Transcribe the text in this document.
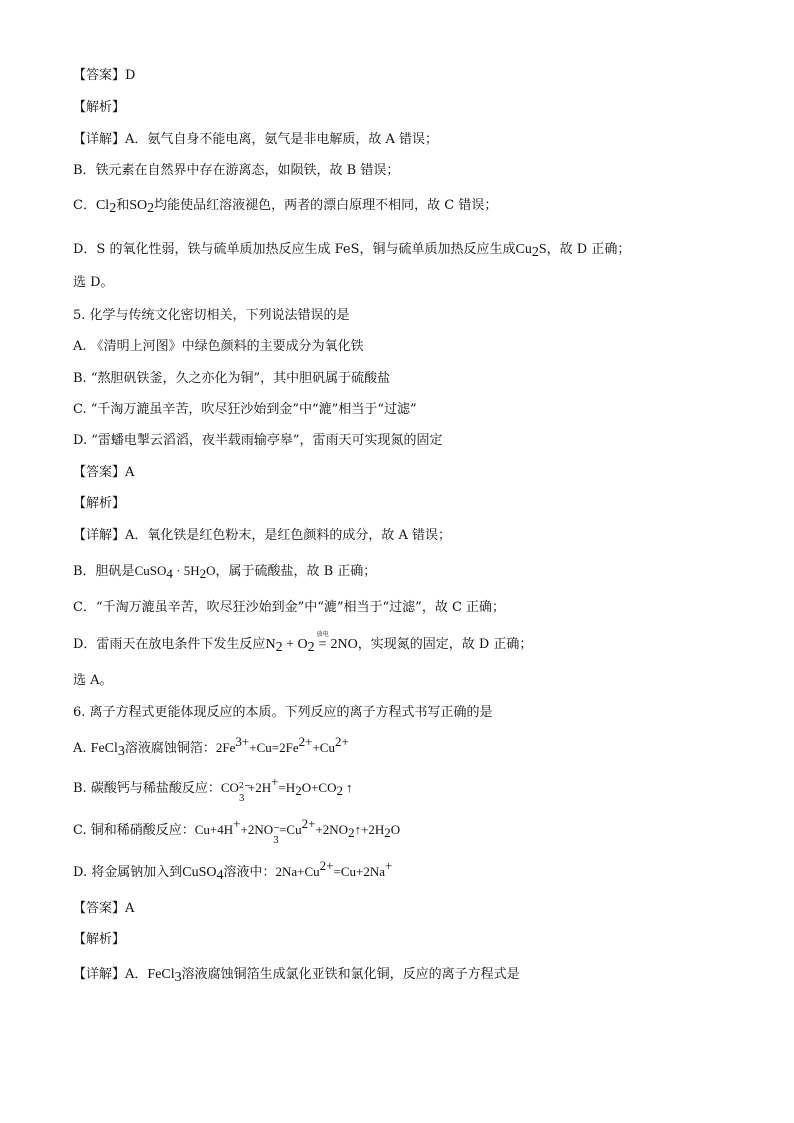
【答案】D
【解析】
【详解】A．氨气自身不能电离，氨气是非电解质，故 A 错误；
B．铁元素在自然界中存在游离态，如陨铁，故 B 错误；
C．$Cl_2$和$SO_2$均能使品红溶液褪色，两者的漂白原理不相同，故 C 错误；
D．S 的氧化性弱，铁与硫单质加热反应生成 FeS，铜与硫单质加热反应生成$Cu_2S$，故 D 正确；
选 D。
5. 化学与传统文化密切相关，下列说法错误的是
A. 《清明上河图》中绿色颜料的主要成分为氧化铁
B. “熬胆矾铁釜，久之亦化为铜”，其中胆矾属于硫酸盐
C. “千淘万漉虽辛苦，吹尽狂沙始到金”中“漉”相当于“过滤”
D. “雷蟠电掣云滔滔，夜半载雨输亭皋”，雷雨天可实现氮的固定
【答案】A
【解析】
【详解】A．氧化铁是红色粉末，是红色颜料的成分，故 A 错误；
B．胆矾是CuSO$_4$ · $5H_2O$，属于硫酸盐，故 B 正确；
C．“千淘万漉虽辛苦，吹尽狂沙始到金”中“漉”相当于“过滤”，故 C 正确；
D．雷雨天在放电条件下发生反应$N_2 + O_2$
放电
= 2NO，实现氮的固定，故 D 正确；
选 A。
6. 离子方程式更能体现反应的本质。下列反应的离子方程式书写正确的是
A. FeCl$_3$溶液腐蚀铜箔：$2Fe^{3+}+Cu=2Fe^{2+}+Cu^{2+}$
B. 碳酸钙与稀盐酸反应：CO 2−
3
$+2H^+=H_2O+CO_2$ ↑
C. 铜和稀硝酸反应：Cu+4H++2NO −
3
$=Cu^{2+}+2NO_2↑+2H_2O$
D. 将金属钠加入到CuSO$_4$溶液中：$2Na+Cu^{2+}=Cu+2Na^+$
【答案】A
【解析】
【详解】A．FeCl$_3$溶液腐蚀铜箔生成氯化亚铁和氯化铜，反应的离子方程式是
